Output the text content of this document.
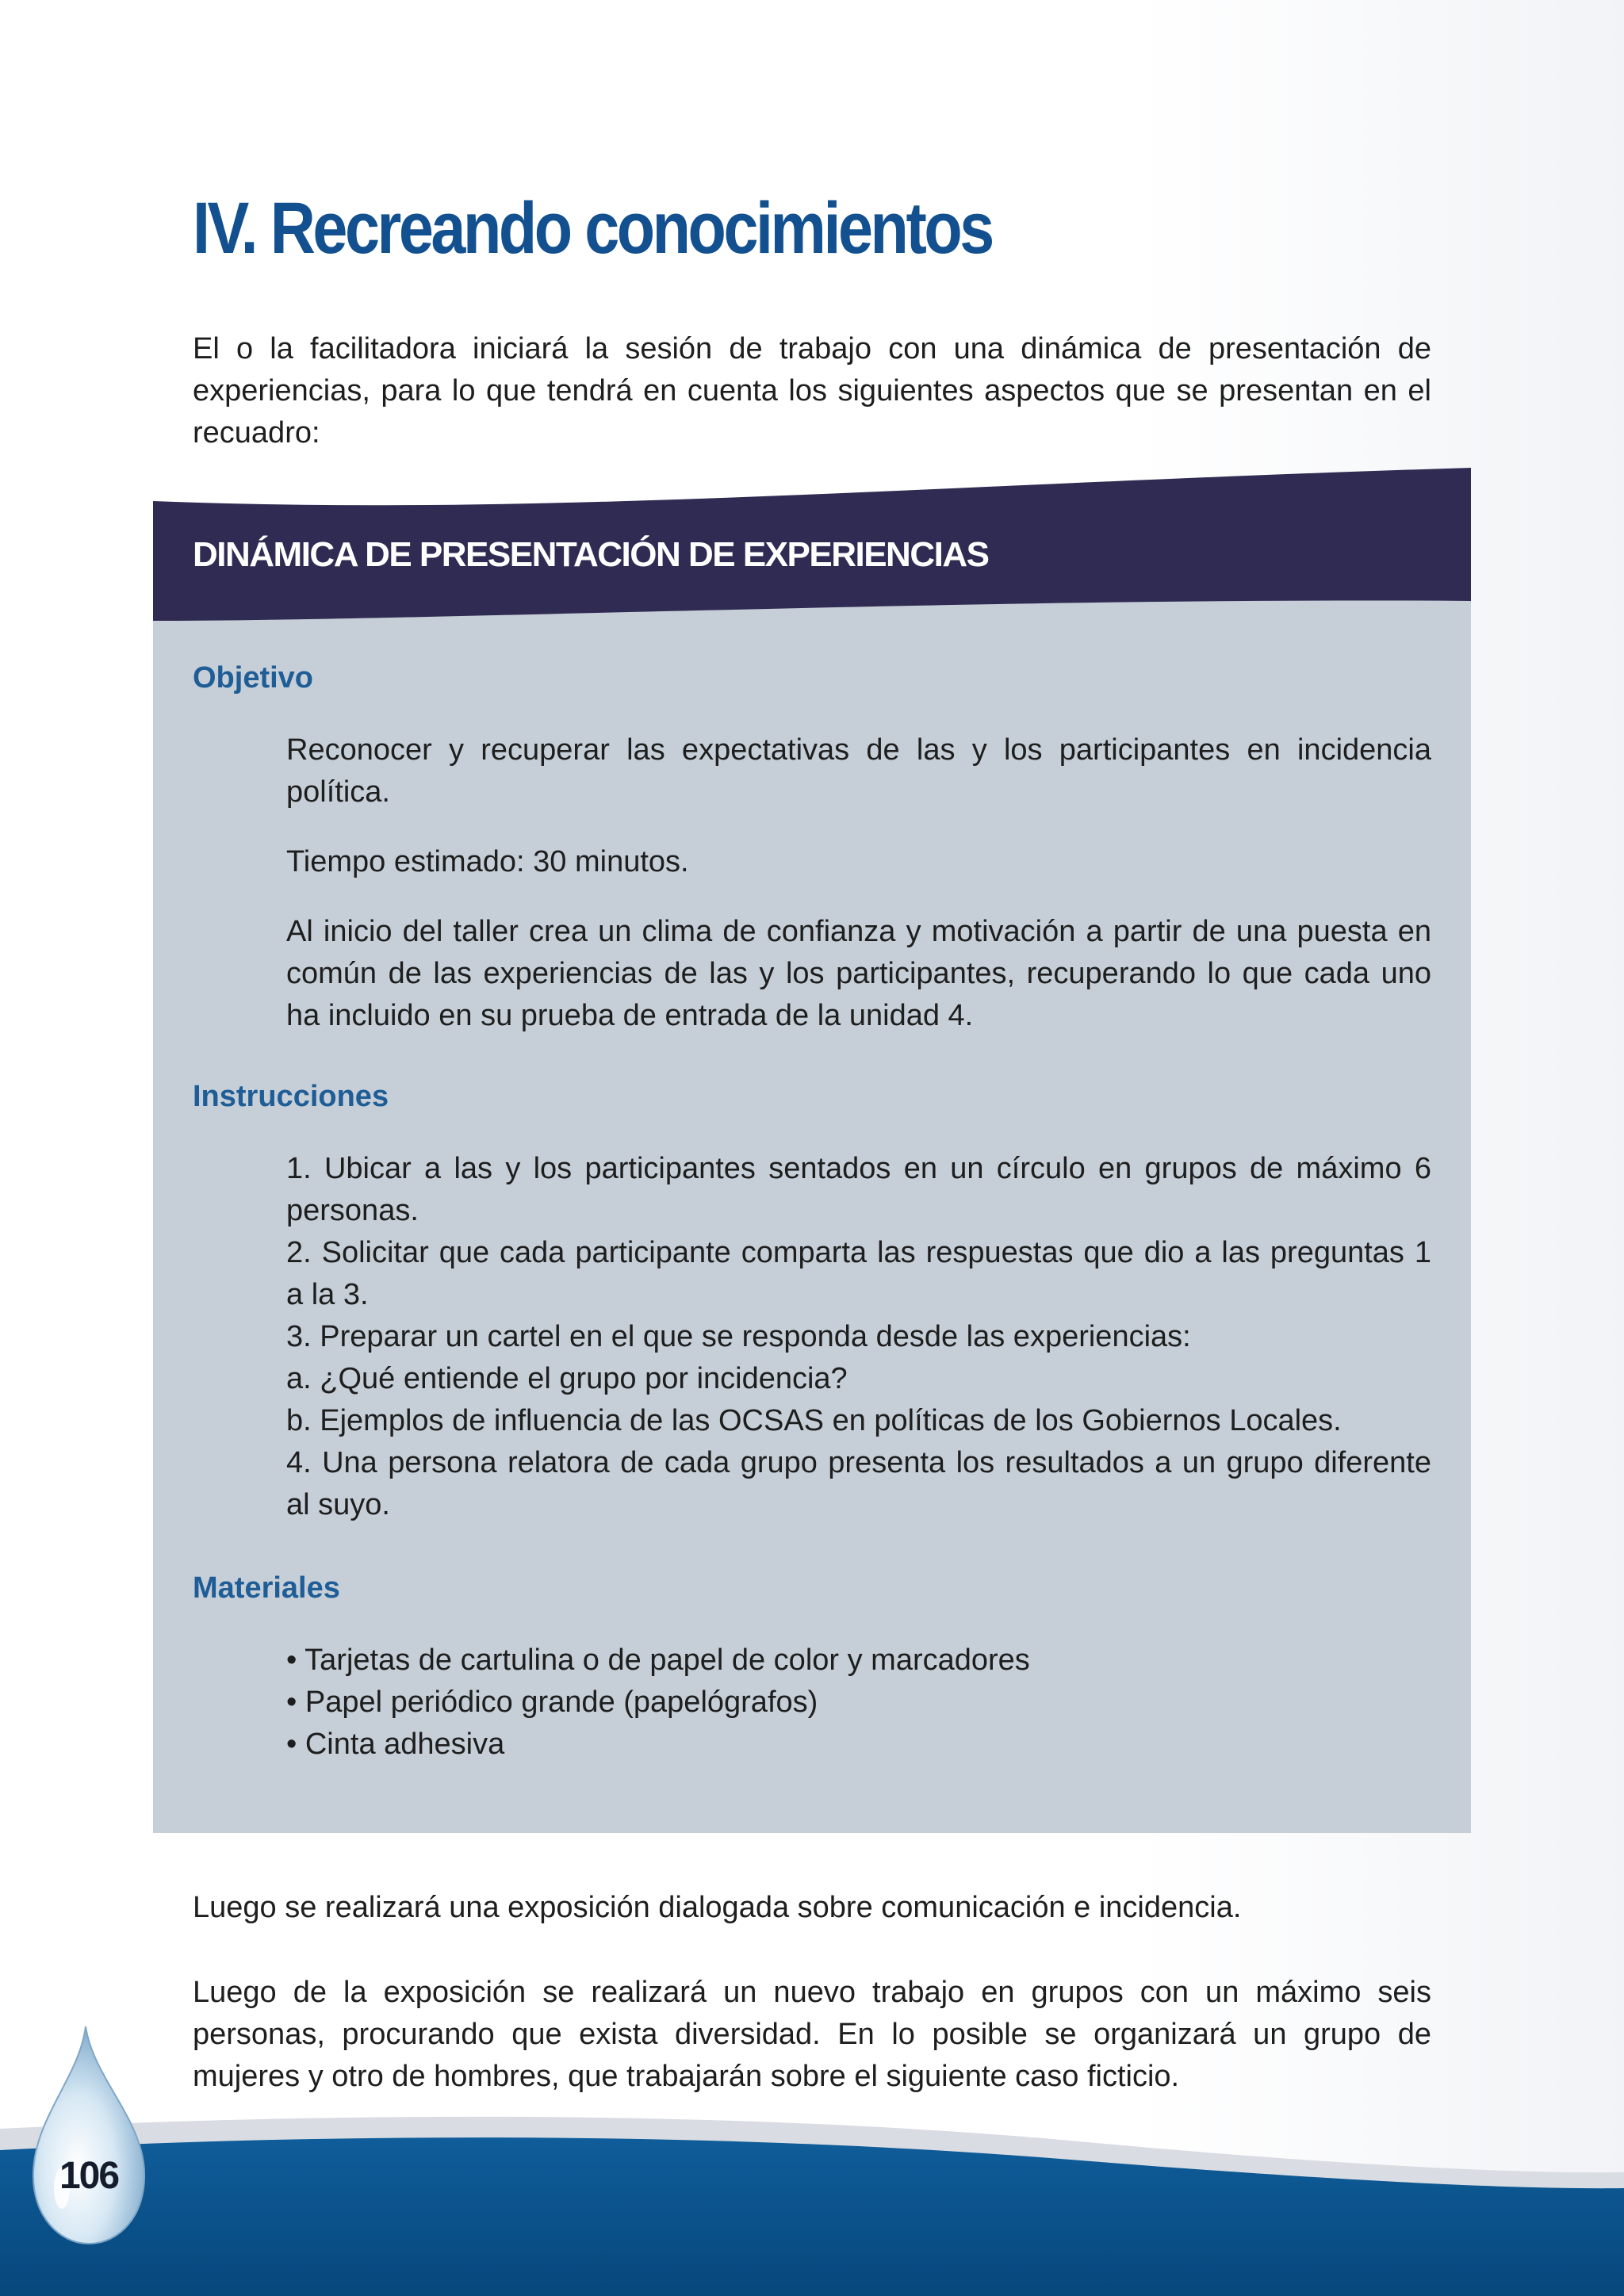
IV. Recreando conocimientos

El o la facilitadora iniciará la sesión de trabajo con una dinámica de presentación de experiencias, para lo que tendrá en cuenta los siguientes aspectos que se presentan en el recuadro:

DINÁMICA DE PRESENTACIÓN DE EXPERIENCIAS
Objetivo

Reconocer y recuperar las expectativas de las y los participantes en incidencia política.

Tiempo estimado: 30 minutos.

Al inicio del taller crea un clima de confianza y motivación a partir de una puesta en común de las experiencias de las y los participantes, recuperando lo que cada uno ha incluido en su prueba de entrada de la unidad 4.

Instrucciones

1. Ubicar a las y los participantes sentados en un círculo en grupos de máximo 6 personas.

2. Solicitar que cada participante comparta las respuestas que dio a las preguntas 1 a la 3.

3. Preparar un cartel en el que se responda desde las experiencias:

a. ¿Qué entiende el grupo por incidencia?

b. Ejemplos de influencia de las OCSAS en políticas de los Gobiernos Locales.

4. Una persona relatora de cada grupo presenta los resultados a un grupo diferente al suyo.

Materiales

• Tarjetas de cartulina o de papel de color y marcadores

• Papel periódico grande (papelógrafos)

• Cinta adhesiva

Luego se realizará una exposición dialogada sobre comunicación e incidencia.

Luego de la exposición se realizará un nuevo trabajo en grupos con un máximo seis personas, procurando que exista diversidad. En lo posible se organizará un grupo de mujeres y otro de hombres, que trabajarán sobre el siguiente caso ficticio.

106
